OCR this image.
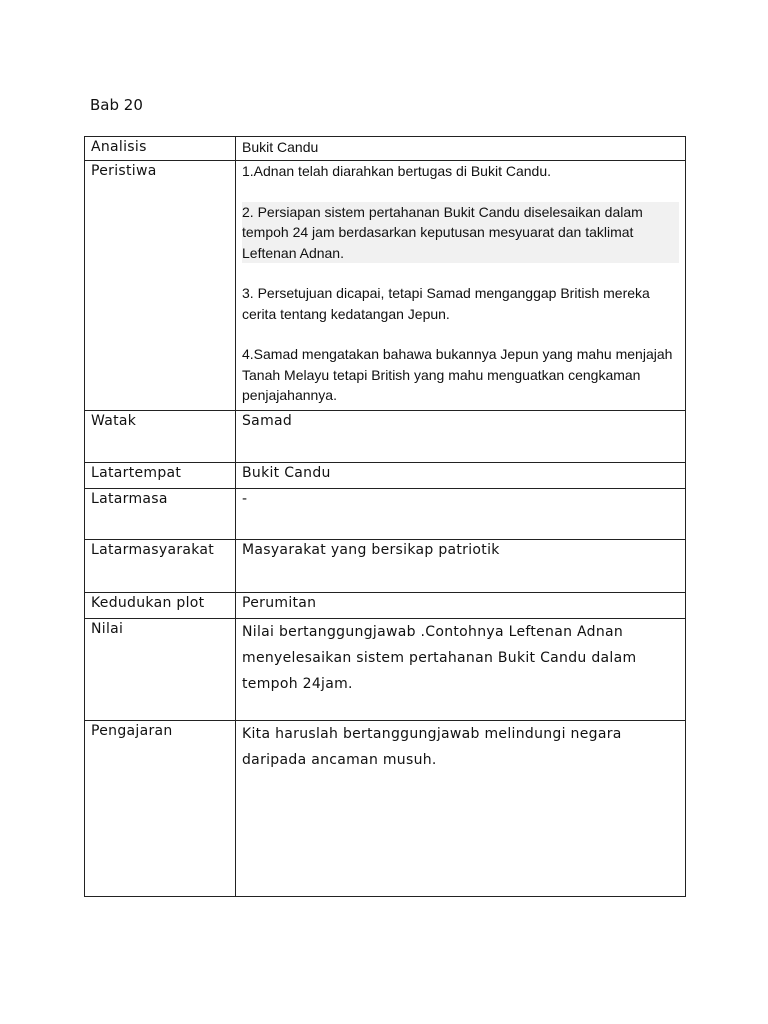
Bab 20
Analisis	Bukit Candu
Peristiwa	1.Adnan telah diarahkan bertugas di Bukit Candu.

2. Persiapan sistem pertahanan Bukit Candu diselesaikan dalam tempoh 24 jam berdasarkan keputusan mesyuarat dan taklimat Leftenan Adnan.

3. Persetujuan dicapai, tetapi Samad menganggap British mereka cerita tentang kedatangan Jepun.

4.Samad mengatakan bahawa bukannya Jepun yang mahu menjajah Tanah Melayu tetapi British yang mahu menguatkan cengkaman penjajahannya.

Watak	Samad
Latartempat	Bukit Candu
Latarmasa	-
Latarmasyarakat	Masyarakat yang bersikap patriotik
Kedudukan plot	Perumitan
Nilai	Nilai bertanggungjawab .Contohnya Leftenan Adnan menyelesaikan sistem pertahanan Bukit Candu dalam tempoh 24jam.
Pengajaran	Kita haruslah bertanggungjawab melindungi negara daripada ancaman musuh.
